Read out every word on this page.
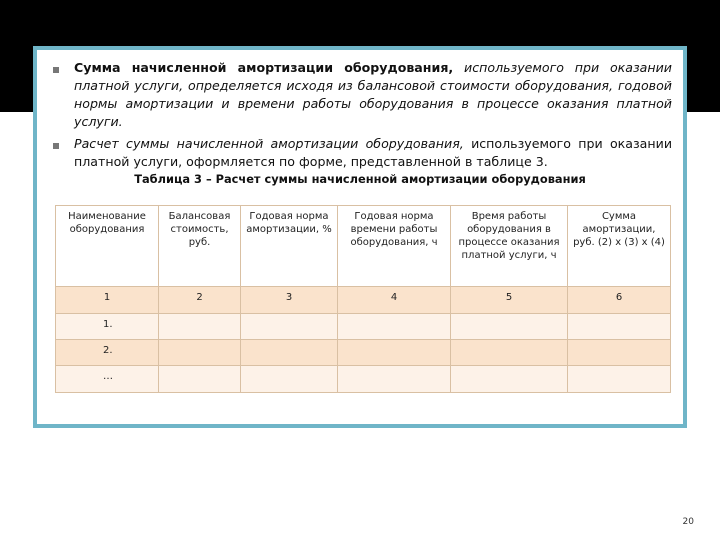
Сумма начисленной амортизации оборудования, используемого при оказании платной услуги, определяется исходя из балансовой стоимости оборудования, годовой нормы амортизации и времени работы оборудования в процессе оказания платной услуги.
Расчет суммы начисленной амортизации оборудования, используемого при оказании платной услуги, оформляется по форме, представленной в таблице 3.
Таблица 3 – Расчет суммы начисленной амортизации оборудования
Наименование оборудования	Балансовая стоимость, руб.	Годовая норма амортизации, %	Годовая норма времени работы оборудования, ч	Время работы оборудования в процессе оказания платной услуги, ч	Сумма амортизации, руб. (2) x (3) x (4)
1	2	3	4	5	6
1.					
2.					
…					
20
